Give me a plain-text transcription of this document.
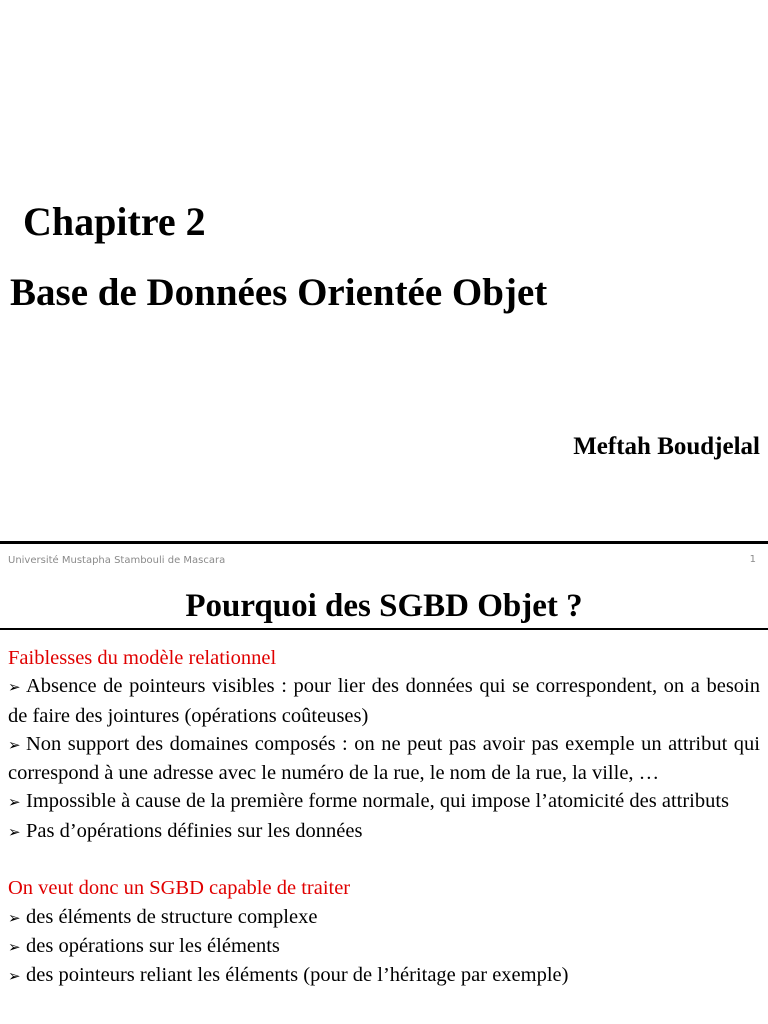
Chapitre 2
Base de Données Orientée Objet
Meftah Boudjelal
Université Mustapha Stambouli de Mascara	1
Pourquoi des SGBD Objet ?

Faiblesses du modèle relationnel

➢ Absence de pointeurs visibles : pour lier des données qui se correspondent, on a besoin de faire des jointures (opérations coûteuses)

➢ Non support des domaines composés : on ne peut pas avoir pas exemple un attribut qui correspond à une adresse avec le numéro de la rue, le nom de la rue, la ville, …

➢ Impossible à cause de la première forme normale, qui impose l’atomicité des attributs

➢ Pas d’opérations définies sur les données

On veut donc un SGBD capable de traiter

➢ des éléments de structure complexe

➢ des opérations sur les éléments

➢ des pointeurs reliant les éléments (pour de l’héritage par exemple)
